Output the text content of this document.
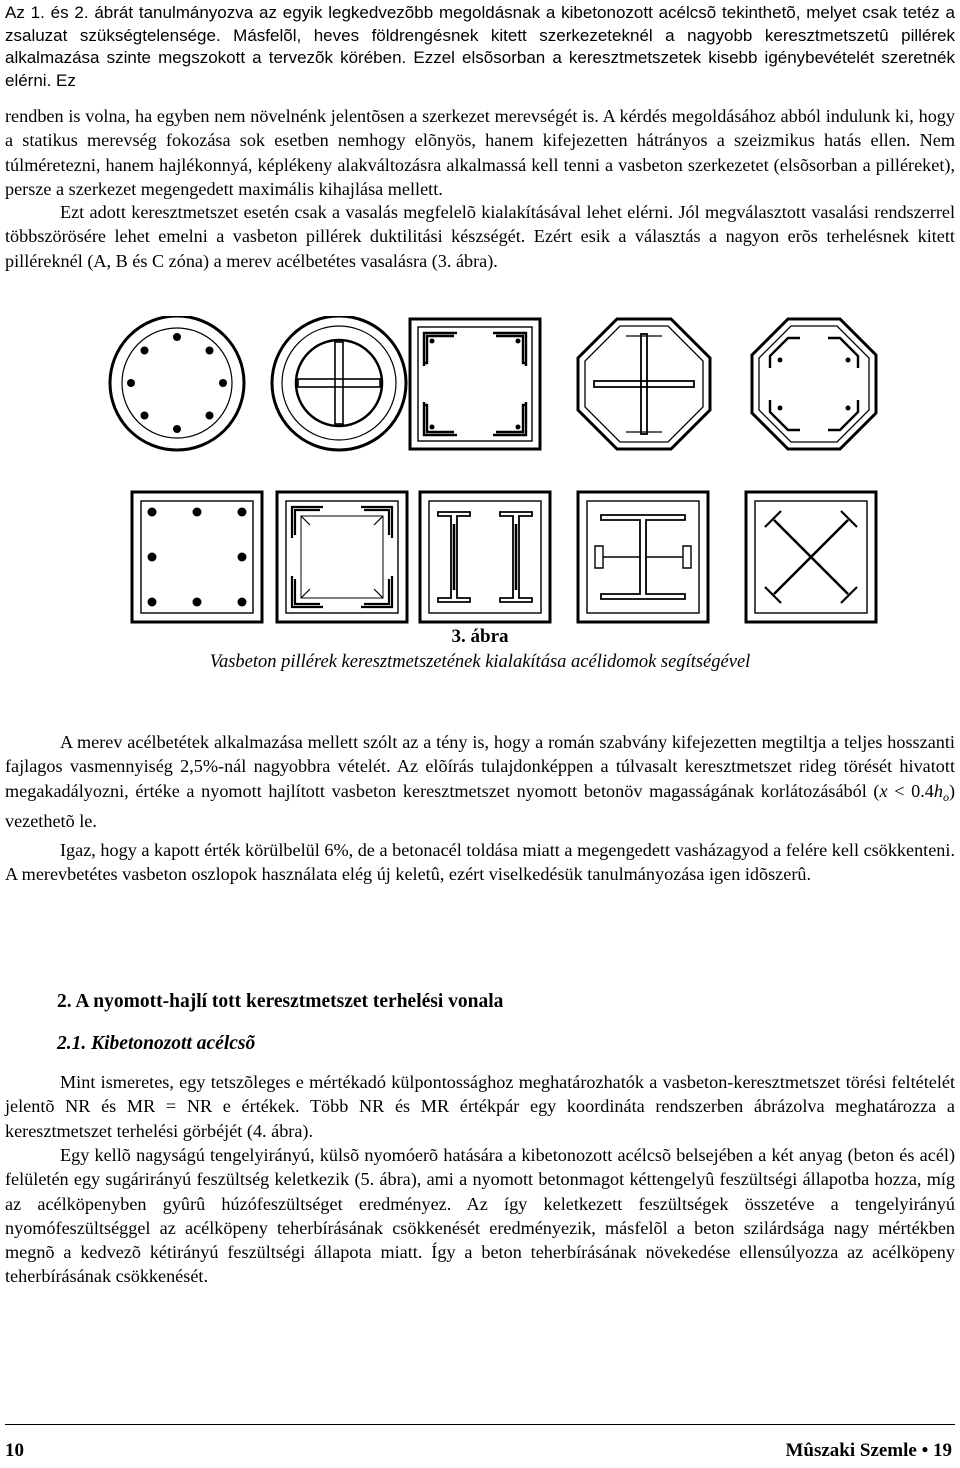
Az 1. és 2. ábrát tanulmányozva az egyik legkedvezõbb megoldásnak a kibetonozott acélcsõ tekinthetõ, melyet csak tetéz a zsaluzat szükségtelensége. Másfelõl, heves földrengésnek kitett szerkezeteknél a nagyobb keresztmetszetû pillérek alkalmazása szinte megszokott a tervezõk körében. Ezzel elsõsorban a keresztmetszetek kisebb igénybevételét szeretnék elérni. Ez

rendben is volna, ha egyben nem növelnénk jelentõsen a szerkezet merevségét is. A kérdés megoldásához abból indulunk ki, hogy a statikus merevség fokozása sok esetben nemhogy elõnyös, hanem kifejezetten hátrányos a szeizmikus hatás ellen. Nem túlméretezni, hanem hajlékonnyá, képlékeny alakváltozásra alkalmassá kell tenni a vasbeton szerkezetet (elsõsorban a pilléreket), persze a szerkezet megengedett maximális kihajlása mellett.

Ezt adott keresztmetszet esetén csak a vasalás megfelelõ kialakításával lehet elérni. Jól megválasztott vasalási rendszerrel többszörösére lehet emelni a vasbeton pillérek duktilitási készségét. Ezért esik a választás a nagyon erõs terhelésnek kitett pilléreknél (A, B és C zóna) a merev acélbetétes vasalásra (3. ábra).

3. ábra
Vasbeton pillérek keresztmetszetének kialakítása acélidomok segítségével

A merev acélbetétek alkalmazása mellett szólt az a tény is, hogy a román szabvány kifejezetten megtiltja a teljes hosszanti fajlagos vasmennyiség 2,5%-nál nagyobbra vételét. Az elõírás tulajdonképpen a túlvasalt keresztmetszet rideg törését hivatott megakadályozni, értéke a nyomott hajlított vasbeton keresztmetszet nyomott betonöv magasságának korlátozásából $(x < 0.4h_o)$ vezethetõ le.

Igaz, hogy a kapott érték körülbelül 6%, de a betonacél toldása miatt a megengedett vasházagyod a felére kell csökkenteni. A merevbetétes vasbeton oszlopok használata elég új keletû, ezért viselkedésük tanulmányozása igen idõszerû.

2. A nyomott-hajlí tott keresztmetszet terhelési vonala
2.1. Kibetonozott acélcsõ

Mint ismeretes, egy tetszõleges e mértékadó külpontossághoz meghatározhatók a vasbeton-keresztmetszet törési feltételét jelentõ NR és MR = NR e értékek. Több NR és MR értékpár egy koordináta rendszerben ábrázolva meghatározza a keresztmetszet terhelési görbéjét (4. ábra).

Egy kellõ nagyságú tengelyirányú, külsõ nyomóerõ hatására a kibetonozott acélcsõ belsejében a két anyag (beton és acél) felületén egy sugárirányú feszültség keletkezik (5. ábra), ami a nyomott betonmagot kéttengelyû feszültségi állapotba hozza, míg az acélköpenyben gyûrû húzófeszültséget eredményez. Az így keletkezett feszültségek összetéve a tengelyirányú nyomófeszültséggel az acélköpeny teherbírásának csökkenését eredményezik, másfelõl a beton szilárdsága nagy mértékben megnõ a kedvezõ kétirányú feszültségi állapota miatt. Így a beton teherbírásának növekedése ellensúlyozza az acélköpeny teherbírásának csökkenését.

10	Mûszaki Szemle • 19
